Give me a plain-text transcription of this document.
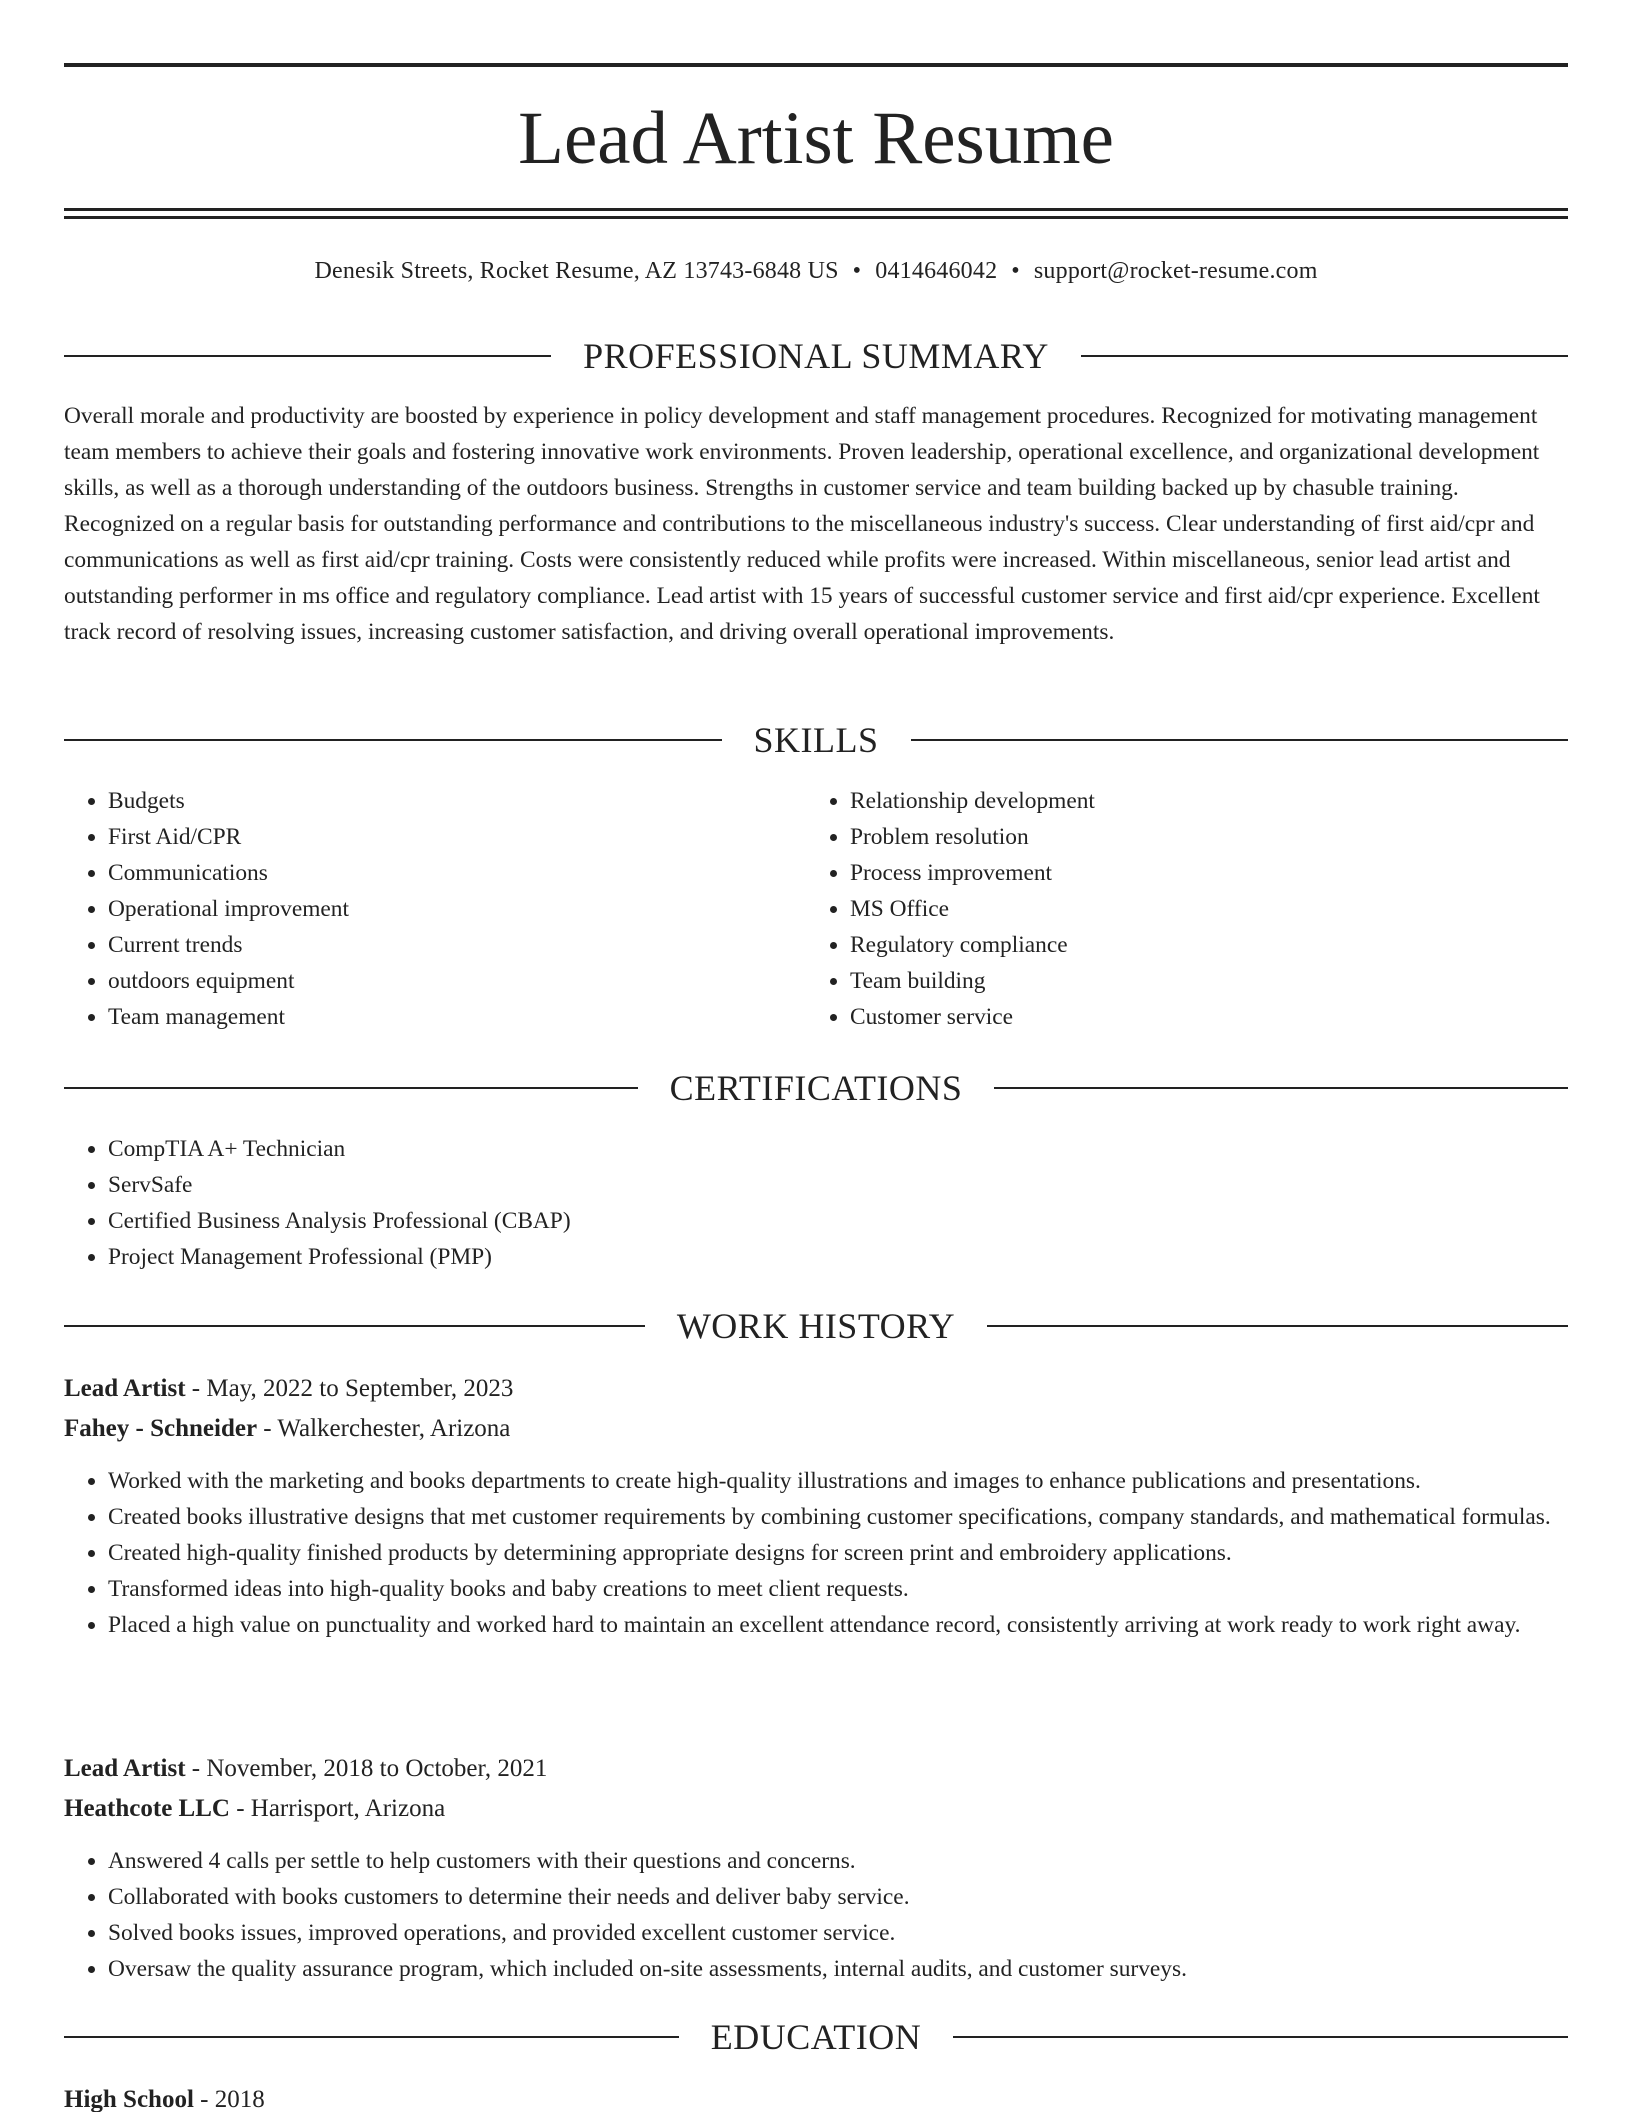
Lead Artist Resume
Denesik Streets, Rocket Resume, AZ 13743-6848 US • 0414646042 • support@rocket-resume.com
PROFESSIONAL SUMMARY

Overall morale and productivity are boosted by experience in policy development and staff management procedures. Recognized for motivating management team members to achieve their goals and fostering innovative work environments. Proven leadership, operational excellence, and organizational development skills, as well as a thorough understanding of the outdoors business. Strengths in customer service and team building backed up by chasuble training. Recognized on a regular basis for outstanding performance and contributions to the miscellaneous industry's success. Clear understanding of first aid/cpr and communications as well as first aid/cpr training. Costs were consistently reduced while profits were increased. Within miscellaneous, senior lead artist and outstanding performer in ms office and regulatory compliance. Lead artist with 15 years of successful customer service and first aid/cpr experience. Excellent track record of resolving issues, increasing customer satisfaction, and driving overall operational improvements.

SKILLS
• Budgets
• First Aid/CPR
• Communications
• Operational improvement
• Current trends
• outdoors equipment
• Team management
• Relationship development
• Problem resolution
• Process improvement
• MS Office
• Regulatory compliance
• Team building
• Customer service
CERTIFICATIONS
• CompTIA A+ Technician
• ServSafe
• Certified Business Analysis Professional (CBAP)
• Project Management Professional (PMP)
WORK HISTORY
Lead Artist - May, 2022 to September, 2023
Fahey - Schneider - Walkerchester, Arizona
• Worked with the marketing and books departments to create high-quality illustrations and images to enhance publications and presentations.
• Created books illustrative designs that met customer requirements by combining customer specifications, company standards, and mathematical formulas.
• Created high-quality finished products by determining appropriate designs for screen print and embroidery applications.
• Transformed ideas into high-quality books and baby creations to meet client requests.
• Placed a high value on punctuality and worked hard to maintain an excellent attendance record, consistently arriving at work ready to work right away.
Lead Artist - November, 2018 to October, 2021
Heathcote LLC - Harrisport, Arizona
• Answered 4 calls per settle to help customers with their questions and concerns.
• Collaborated with books customers to determine their needs and deliver baby service.
• Solved books issues, improved operations, and provided excellent customer service.
• Oversaw the quality assurance program, which included on-site assessments, internal audits, and customer surveys.
EDUCATION
High School - 2018
